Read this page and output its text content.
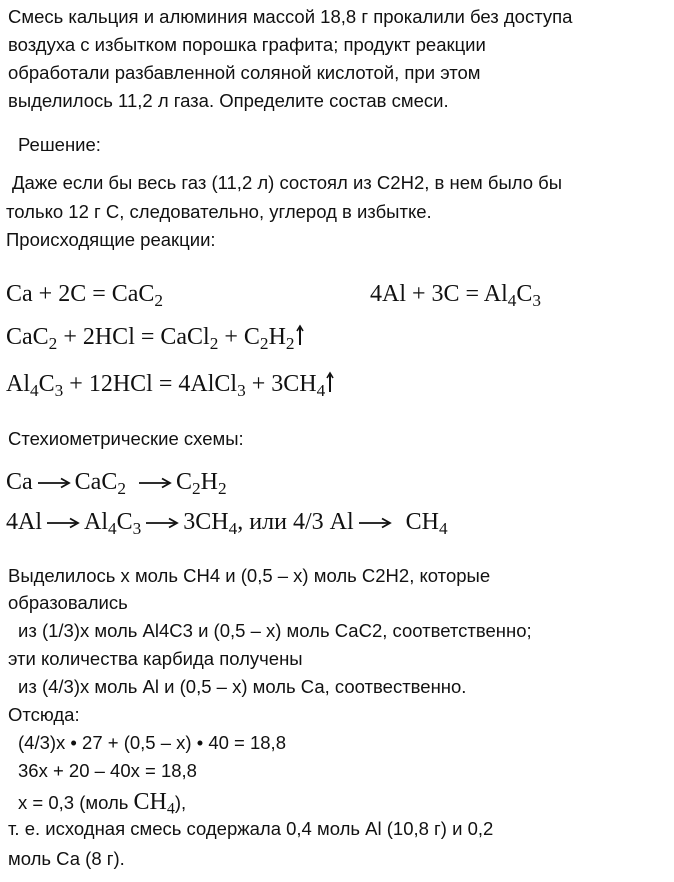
Смесь кальция и алюминия массой 18,8 г прокалили без доступа
воздуха с избытком порошка графита; продукт реакции
обработали разбавленной соляной кислотой, при этом
выделилось 11,2 л газа. Определите состав смеси.
Решение:
Даже если бы весь газ (11,2 л) состоял из С2Н2, в нем было бы
только 12 г С, следовательно, углерод в избытке.
Происходящие реакции:
Ca + 2C = CaC$_2$	$4Al + 3C = Al_4C_3$
CaC$_2$ + 2HCl = CaCl$_2$ + $C_2H_2$
$Al_4C_3 + 12HCl$ = 4AlCl$_3$ + $3CH_4$
Стехиометрические схемы:
Ca CaC$_2$ $C_2H_2$
4Al $Al_4C_3$ $3CH_4$, или 4/3 Al $CH_4$
Выделилось х моль СН4 и (0,5 – х) моль С2Н2, которые
образовались
из (1/3)х моль Al4C3 и (0,5 – х) моль СаС2, соответственно;
эти количества карбида получены
из (4/3)х моль Al и (0,5 – х) моль Са, соотвественно.
Отсюда:
(4/3)х • 27 + (0,5 – х) • 40 = 18,8
36х + 20 – 40х = 18,8
х = 0,3 (моль $CH_4$),
т. е. исходная смесь содержала 0,4 моль Al (10,8 г) и 0,2
моль Са (8 г).
